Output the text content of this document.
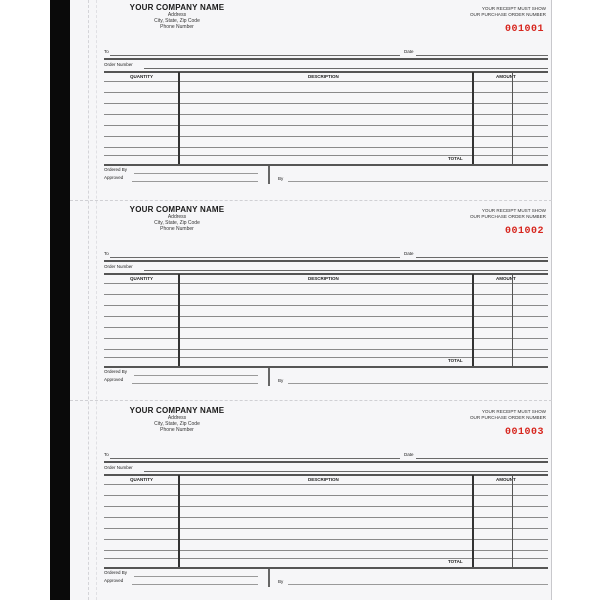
YOUR COMPANY NAME
Address
City, State, Zip Code
Phone Number
YOUR RECEIPT MUST SHOW
OUR PURCHASE ORDER NUMBER
001001
To	Date
Order Number
QUANTITY	DESCRIPTION	AMOUNT
TOTAL
Ordered By
Approved	By
YOUR COMPANY NAME
Address
City, State, Zip Code
Phone Number
YOUR RECEIPT MUST SHOW
OUR PURCHASE ORDER NUMBER
001002
To	Date
Order Number
QUANTITY	DESCRIPTION	AMOUNT
TOTAL
Ordered By
Approved	By
YOUR COMPANY NAME
Address
City, State, Zip Code
Phone Number
YOUR RECEIPT MUST SHOW
OUR PURCHASE ORDER NUMBER
001003
To	Date
Order Number
QUANTITY	DESCRIPTION	AMOUNT
TOTAL
Ordered By
Approved	By
